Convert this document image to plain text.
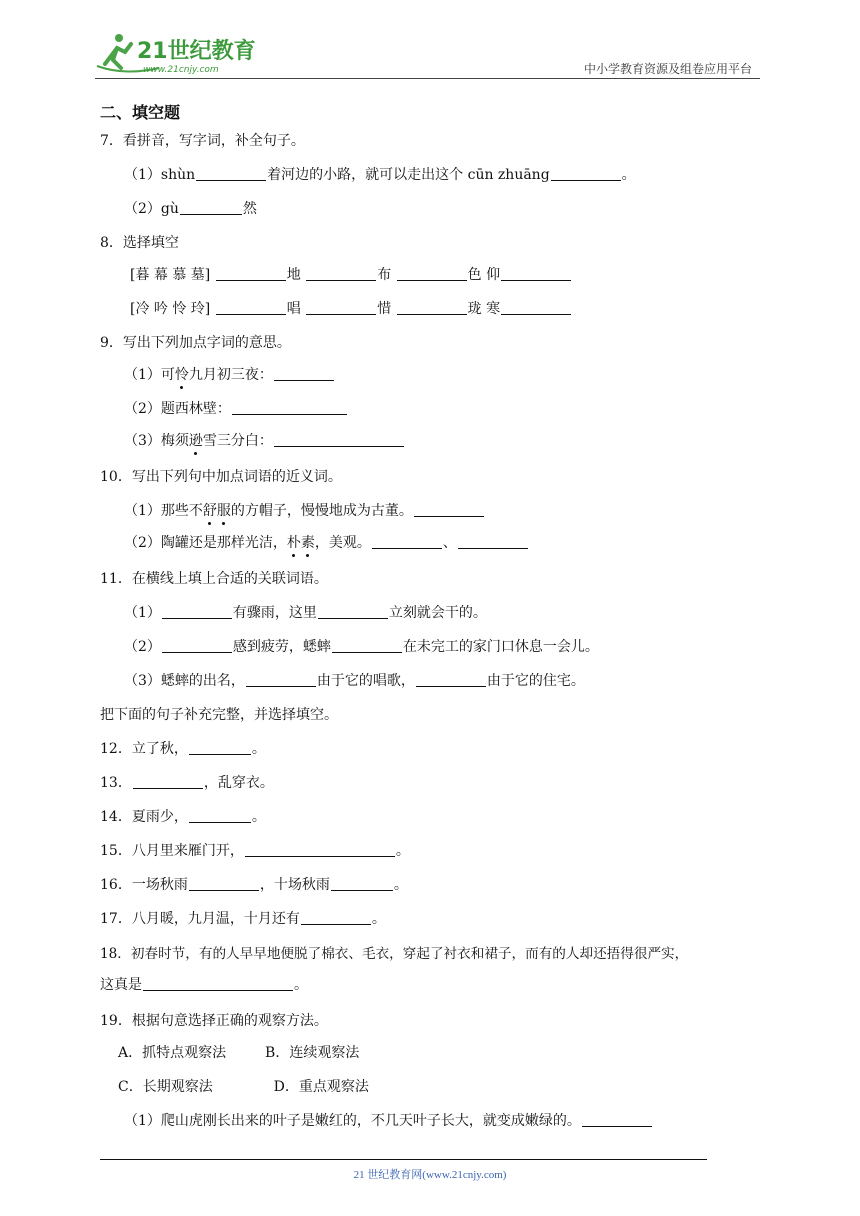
21世纪教育
www.21cnjy.com	中小学教育资源及组卷应用平台
二、填空题
7．看拼音，写字词，补全句子。
（1）shùn	着河边的小路，就可以走出这个 cūn zhuāng	。
（2）gù	然
8．选择填空
[暮 幕 慕 墓]	地	布	色 仰
[冷 吟 怜 玲]	唱	惜	珑 寒
9．写出下列加点字词的意思。
（1）可怜九月初三夜：
（2）题西林壁：
（3）梅须逊雪三分白：
10．写出下列句中加点词语的近义词。
（1）那些不舒服的方帽子，慢慢地成为古董。
（2）陶罐还是那样光洁，朴素，美观。	、
11．在横线上填上合适的关联词语。
（1）	有骤雨，这里	立刻就会干的。
（2）	感到疲劳，蟋蟀	在未完工的家门口休息一会儿。
（3）蟋蟀的出名，	由于它的唱歌，	由于它的住宅。
把下面的句子补充完整，并选择填空。
12．立了秋，	。
13．	，乱穿衣。
14．夏雨少，	。
15．八月里来雁门开，	。
16．一场秋雨	，十场秋雨	。
17．八月暖，九月温，十月还有	。
18．初春时节，有的人早早地便脱了棉衣、毛衣，穿起了衬衣和裙子，而有的人却还捂得很严实，
这真是	。
19．根据句意选择正确的观察方法。
A．抓特点观察法	B．连续观察法
C．长期观察法	D．重点观察法
（1）爬山虎刚长出来的叶子是嫩红的，不几天叶子长大，就变成嫩绿的。
21 世纪教育网(www.21cnjy.com)
